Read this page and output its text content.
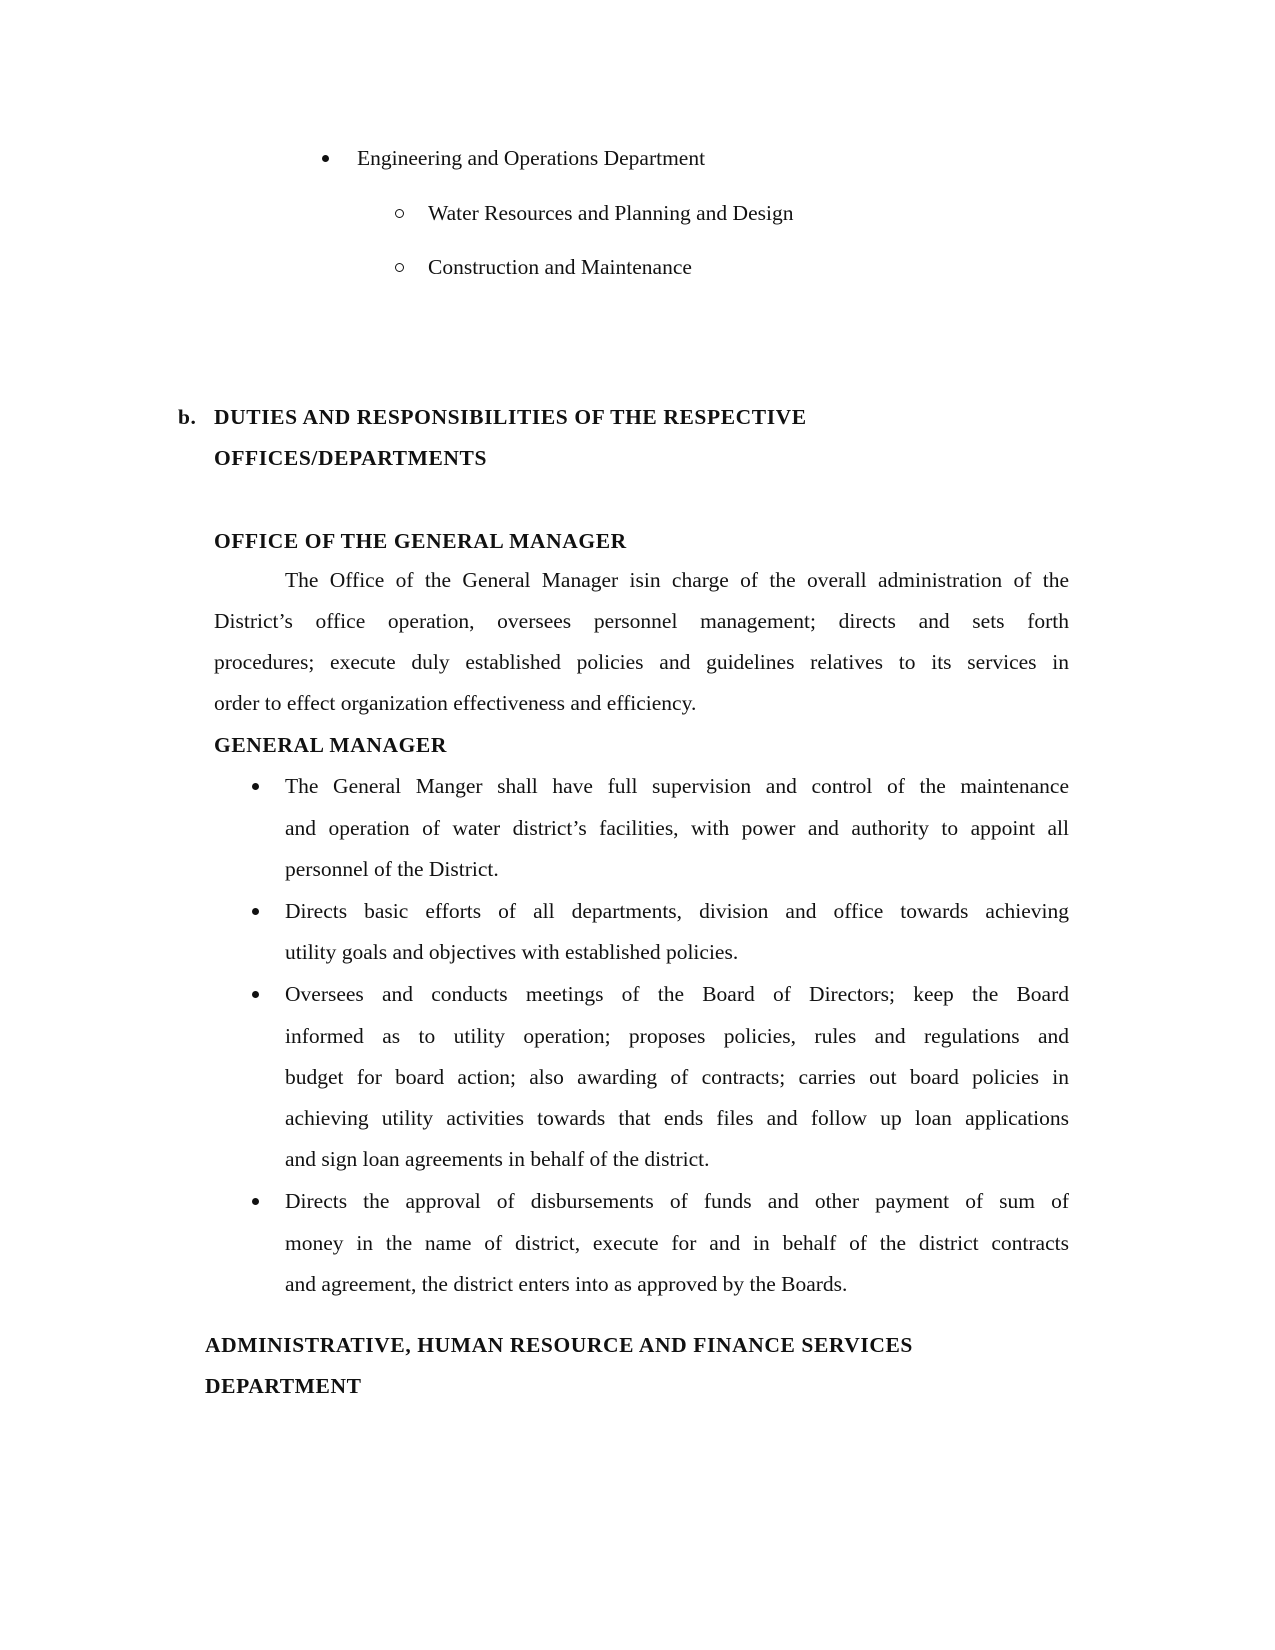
Engineering and Operations Department
Water Resources and Planning and Design
Construction and Maintenance
b. DUTIES AND RESPONSIBILITIES OF THE RESPECTIVE
OFFICES/DEPARTMENTS
OFFICE OF THE GENERAL MANAGER
The Office of the General Manager isin charge of the overall administration of the
District’s office operation, oversees personnel management; directs and sets forth
procedures; execute duly established policies and guidelines relatives to its services in
order to effect organization effectiveness and efficiency.
GENERAL MANAGER
The General Manger shall have full supervision and control of the maintenance
and operation of water district’s facilities, with power and authority to appoint all
personnel of the District.
Directs basic efforts of all departments, division and office towards achieving
utility goals and objectives with established policies.
Oversees and conducts meetings of the Board of Directors; keep the Board
informed as to utility operation; proposes policies, rules and regulations and
budget for board action; also awarding of contracts; carries out board policies in
achieving utility activities towards that ends files and follow up loan applications
and sign loan agreements in behalf of the district.
Directs the approval of disbursements of funds and other payment of sum of
money in the name of district, execute for and in behalf of the district contracts
and agreement, the district enters into as approved by the Boards.
ADMINISTRATIVE, HUMAN RESOURCE AND FINANCE SERVICES
DEPARTMENT
